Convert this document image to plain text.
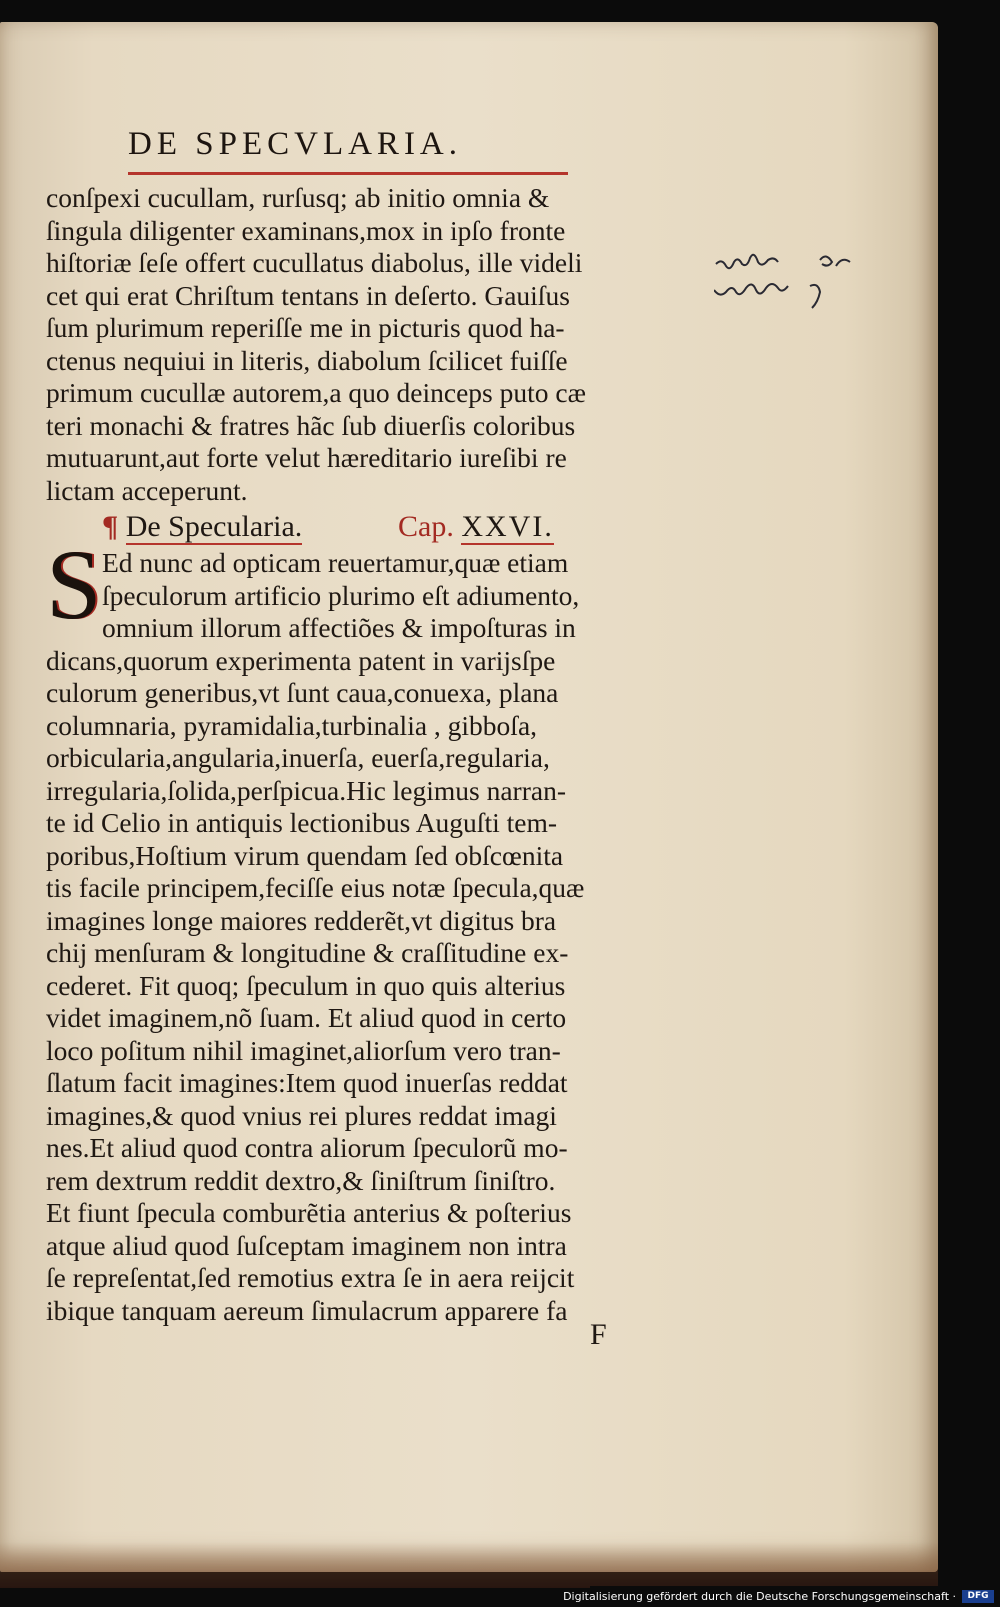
DE SPECVLARIA.
conſpexi cucullam, rurſusq; ab initio omnia &
ſingula diligenter examinans,mox in ipſo fronte
hiſtoriæ ſeſe offert cucullatus diabolus, ille videli
cet qui erat Chriſtum tentans in deſerto. Gauiſus
ſum plurimum reperiſſe me in picturis quod ha-
ctenus nequiui in literis, diabolum ſcilicet fuiſſe
primum cucullæ autorem,a quo deinceps puto cæ
teri monachi & fratres hãc ſub diuerſis coloribus
mutuarunt,aut forte velut hæreditario iureſibi re
lictam acceperunt.
¶ De Specularia.	Cap. XXVI.
Ed nunc ad opticam reuertamur,quæ etiam
ſpeculorum artificio plurimo eſt adiumento,
omnium illorum affectiões & impoſturas in
dicans,quorum experimenta patent in varijsſpe
culorum generibus,vt ſunt caua,conuexa, plana
columnaria, pyramidalia,turbinalia , gibboſa,
orbicularia,angularia,inuerſa, euerſa,regularia,
irregularia,ſolida,perſpicua.Hic legimus narran-
te id Celio in antiquis lectionibus Auguſti tem-
poribus,Hoſtium virum quendam ſed obſcœnita
tis facile principem,feciſſe eius notæ ſpecula,quæ
imagines longe maiores redderẽt,vt digitus bra
chij menſuram & longitudine & craſſitudine ex-
cederet. Fit quoq; ſpeculum in quo quis alterius
videt imaginem,nõ ſuam. Et aliud quod in certo
loco poſitum nihil imaginet,aliorſum vero tran-
ſlatum facit imagines:Item quod inuerſas reddat
imagines,& quod vnius rei plures reddat imagi
nes.Et aliud quod contra aliorum ſpeculorũ mo-
rem dextrum reddit dextro,& ſiniſtrum ſiniſtro.
Et fiunt ſpecula comburẽtia anterius & poſterius
atque aliud quod ſuſceptam imaginem non intra
ſe repreſentat,ſed remotius extra ſe in aera reijcit
ibique tanquam aereum ſimulacrum apparere fa
S
F
Digitalisierung gefördert durch die Deutsche Forschungsgemeinschaft ·	DFG
